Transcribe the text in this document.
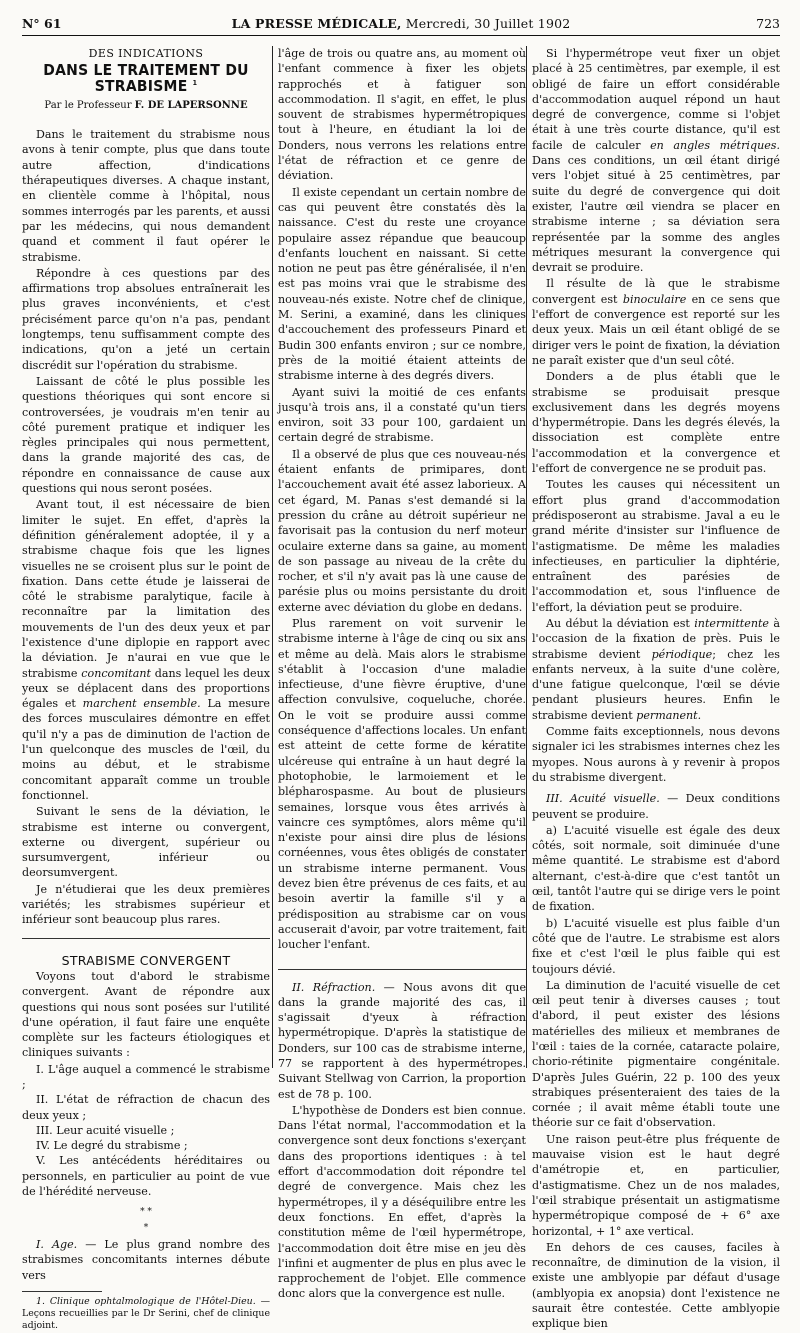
N° 61	LA PRESSE MÉDICALE, Mercredi, 30 Juillet 1902	723

DES INDICATIONS

DANS LE TRAITEMENT DU STRABISME $^1$
Par le Professeur F. DE LAPERSONNE

Dans le traitement du strabisme nous avons à tenir compte, plus que dans toute autre affection, d'indications thérapeutiques diverses. A chaque instant, en clientèle comme à l'hôpital, nous sommes interrogés par les parents, et aussi par les médecins, qui nous demandent quand et comment il faut opérer le strabisme.

Répondre à ces questions par des affirmations trop absolues entraînerait les plus graves inconvénients, et c'est précisément parce qu'on n'a pas, pendant longtemps, tenu suffisamment compte des indications, qu'on a jeté un certain discrédit sur l'opération du strabisme.

Laissant de côté le plus possible les questions théoriques qui sont encore si controversées, je voudrais m'en tenir au côté purement pratique et indiquer les règles principales qui nous permettent, dans la grande majorité des cas, de répondre en connaissance de cause aux questions qui nous seront posées.

Avant tout, il est nécessaire de bien limiter le sujet. En effet, d'après la définition généralement adoptée, il y a strabisme chaque fois que les lignes visuelles ne se croisent plus sur le point de fixation. Dans cette étude je laisserai de côté le strabisme paralytique, facile à reconnaître par la limitation des mouvements de l'un des deux yeux et par l'existence d'une diplopie en rapport avec la déviation. Je n'aurai en vue que le strabisme concomitant dans lequel les deux yeux se déplacent dans des proportions égales et marchent ensemble. La mesure des forces musculaires démontre en effet qu'il n'y a pas de diminution de l'action de l'un quelconque des muscles de l'œil, du moins au début, et le strabisme concomitant apparaît comme un trouble fonctionnel.

Suivant le sens de la déviation, le strabisme est interne ou convergent, externe ou divergent, supérieur ou sursumvergent, inférieur ou deorsumvergent.

Je n'étudierai que les deux premières variétés; les strabismes supérieur et inférieur sont beaucoup plus rares.

STRABISME CONVERGENT

Voyons tout d'abord le strabisme convergent. Avant de répondre aux questions qui nous sont posées sur l'utilité d'une opération, il faut faire une enquête complète sur les facteurs étiologiques et cliniques suivants :

I. L'âge auquel a commencé le strabisme ;

II. L'état de réfraction de chacun des deux yeux ;

III. Leur acuité visuelle ;

IV. Le degré du strabisme ;

V. Les antécédents héréditaires ou personnels, en particulier au point de vue de l'hérédité nerveuse.

* *
*

I. Age. — Le plus grand nombre des strabismes concomitants internes débute vers

1. Clinique ophtalmologique de l'Hôtel-Dieu. — Leçons recueillies par le Dr Serini, chef de clinique adjoint.

l'âge de trois ou quatre ans, au moment où l'enfant commence à fixer les objets rapprochés et à fatiguer son accommodation. Il s'agit, en effet, le plus souvent de strabismes hypermétropiques tout à l'heure, en étudiant la loi de Donders, nous verrons les relations entre l'état de réfraction et ce genre de déviation.

Il existe cependant un certain nombre de cas qui peuvent être constatés dès la naissance. C'est du reste une croyance populaire assez répandue que beaucoup d'enfants louchent en naissant. Si cette notion ne peut pas être généralisée, il n'en est pas moins vrai que le strabisme des nouveau-nés existe. Notre chef de clinique, M. Serini, a examiné, dans les cliniques d'accouchement des professeurs Pinard et Budin 300 enfants environ ; sur ce nombre, près de la moitié étaient atteints de strabisme interne à des degrés divers.

Ayant suivi la moitié de ces enfants jusqu'à trois ans, il a constaté qu'un tiers environ, soit 33 pour 100, gardaient un certain degré de strabisme.

Il a observé de plus que ces nouveau-nés étaient enfants de primipares, dont l'accouchement avait été assez laborieux. A cet égard, M. Panas s'est demandé si la pression du crâne au détroit supérieur ne favorisait pas la contusion du nerf moteur oculaire externe dans sa gaine, au moment de son passage au niveau de la crête du rocher, et s'il n'y avait pas là une cause de parésie plus ou moins persistante du droit externe avec déviation du globe en dedans.

Plus rarement on voit survenir le strabisme interne à l'âge de cinq ou six ans et même au delà. Mais alors le strabisme s'établit à l'occasion d'une maladie infectieuse, d'une fièvre éruptive, d'une affection convulsive, coqueluche, chorée. On le voit se produire aussi comme conséquence d'affections locales. Un enfant est atteint de cette forme de kératite ulcéreuse qui entraîne à un haut degré la photophobie, le larmoiement et le blépharospasme. Au bout de plusieurs semaines, lorsque vous êtes arrivés à vaincre ces symptômes, alors même qu'il n'existe pour ainsi dire plus de lésions cornéennes, vous êtes obligés de constater un strabisme interne permanent. Vous devez bien être prévenus de ces faits, et au besoin avertir la famille s'il y a prédisposition au strabisme car on vous accuserait d'avoir, par votre traitement, fait loucher l'enfant.

II. Réfraction. — Nous avons dit que dans la grande majorité des cas, il s'agissait d'yeux à réfraction hypermétropique. D'après la statistique de Donders, sur 100 cas de strabisme interne, 77 se rapportent à des hypermétropes. Suivant Stellwag von Carrion, la proportion est de 78 p. 100.

L'hypothèse de Donders est bien connue. Dans l'état normal, l'accommodation et la convergence sont deux fonctions s'exerçant dans des proportions identiques : à tel effort d'accommodation doit répondre tel degré de convergence. Mais chez les hypermétropes, il y a déséquilibre entre les deux fonctions. En effet, d'après la constitution même de l'œil hypermétrope, l'accommodation doit être mise en jeu dès l'infini et augmenter de plus en plus avec le rapprochement de l'objet. Elle commence donc alors que la convergence est nulle.

Si l'hypermétrope veut fixer un objet placé à 25 centimètres, par exemple, il est obligé de faire un effort considérable d'accommodation auquel répond un haut degré de convergence, comme si l'objet était à une très courte distance, qu'il est facile de calculer en angles métriques. Dans ces conditions, un œil étant dirigé vers l'objet situé à 25 centimètres, par suite du degré de convergence qui doit exister, l'autre œil viendra se placer en strabisme interne ; sa déviation sera représentée par la somme des angles métriques mesurant la convergence qui devrait se produire.

Il résulte de là que le strabisme convergent est binoculaire en ce sens que l'effort de convergence est reporté sur les deux yeux. Mais un œil étant obligé de se diriger vers le point de fixation, la déviation ne paraît exister que d'un seul côté.

Donders a de plus établi que le strabisme se produisait presque exclusivement dans les degrés moyens d'hypermétropie. Dans les degrés élevés, la dissociation est complète entre l'accommodation et la convergence et l'effort de convergence ne se produit pas.

Toutes les causes qui nécessitent un effort plus grand d'accommodation prédisposeront au strabisme. Javal a eu le grand mérite d'insister sur l'influence de l'astigmatisme. De même les maladies infectieuses, en particulier la diphtérie, entraînent des parésies de l'accommodation et, sous l'influence de l'effort, la déviation peut se produire.

Au début la déviation est intermittente à l'occasion de la fixation de près. Puis le strabisme devient périodique; chez les enfants nerveux, à la suite d'une colère, d'une fatigue quelconque, l'œil se dévie pendant plusieurs heures. Enfin le strabisme devient permanent.

Comme faits exceptionnels, nous devons signaler ici les strabismes internes chez les myopes. Nous aurons à y revenir à propos du strabisme divergent.

III. Acuité visuelle. — Deux conditions peuvent se produire.

a) L'acuité visuelle est égale des deux côtés, soit normale, soit diminuée d'une même quantité. Le strabisme est d'abord alternant, c'est-à-dire que c'est tantôt un œil, tantôt l'autre qui se dirige vers le point de fixation.

b) L'acuité visuelle est plus faible d'un côté que de l'autre. Le strabisme est alors fixe et c'est l'œil le plus faible qui est toujours dévié.

La diminution de l'acuité visuelle de cet œil peut tenir à diverses causes ; tout d'abord, il peut exister des lésions matérielles des milieux et membranes de l'œil : taies de la cornée, cataracte polaire, chorio-rétinite pigmentaire congénitale. D'après Jules Guérin, 22 p. 100 des yeux strabiques présenteraient des taies de la cornée ; il avait même établi toute une théorie sur ce fait d'observation.

Une raison peut-être plus fréquente de mauvaise vision est le haut degré d'amétropie et, en particulier, d'astigmatisme. Chez un de nos malades, l'œil strabique présentait un astigmatisme hypermétropique composé de + 6° axe horizontal, + 1° axe vertical.

En dehors de ces causes, faciles à reconnaître, de diminution de la vision, il existe une amblyopie par défaut d'usage (amblyopia ex anopsia) dont l'existence ne saurait être contestée. Cette amblyopie explique bien
